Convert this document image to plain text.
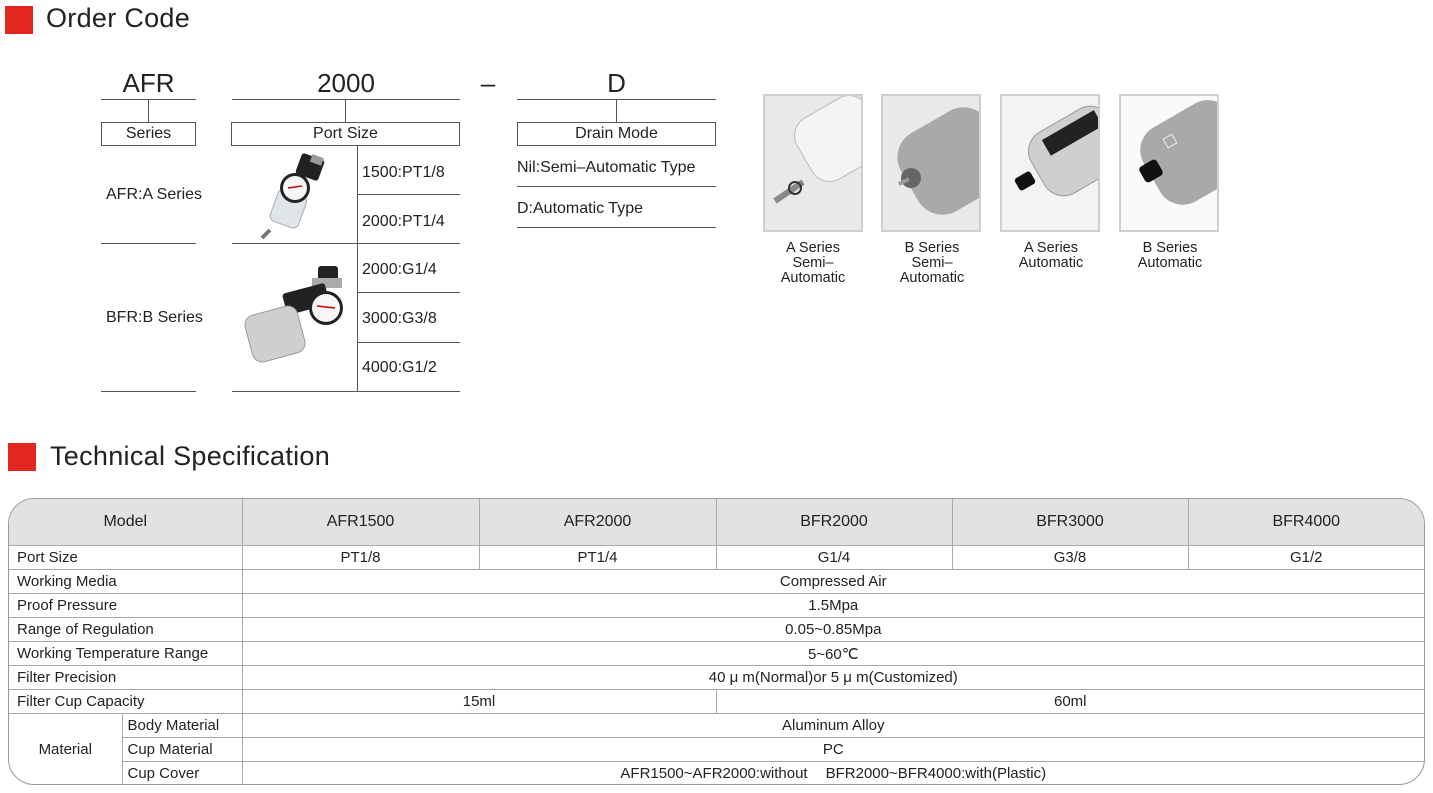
Order Code
AFR
Series
AFR:A Series
BFR:B Series
2000
Port Size
1500:PT1/8
2000:PT1/4
2000:G1/4
3000:G3/8
4000:G1/2
–	D
Drain Mode
Nil:Semi–Automatic Type
D:Automatic Type
A Series
Semi–
Automatic
B Series
Semi–
Automatic
A Series
Automatic
B Series
Automatic
Technical Specification
Model		AFR1500	AFR2000	BFR2000	BFR3000	BFR4000
Port Size		PT1/8	PT1/4	G1/4	G3/8	G1/2
Working Media		Compressed Air				
Proof Pressure		1.5Mpa				
Range of Regulation		0.05~0.85Mpa				
Working Temperature Range		5~60℃				
Filter Precision		40 μ m(Normal)or 5 μ m(Customized)				
Filter Cup Capacity		15ml		60ml		
Material	Body Material	Aluminum Alloy				
	Cup Material	PC				
	Cup Cover	AFR1500~AFR2000:without BFR2000~BFR4000:with(Plastic)				
